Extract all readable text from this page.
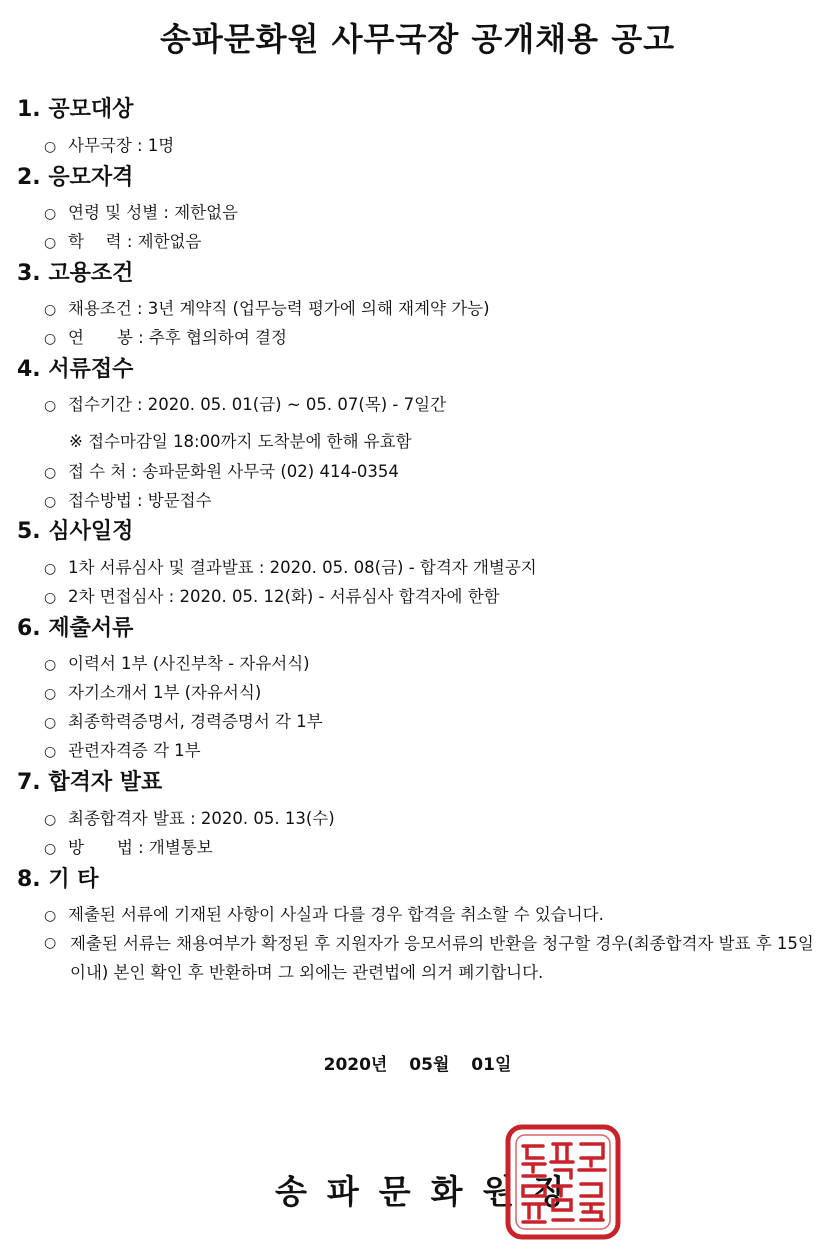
송파문화원 사무국장 공개채용 공고
1. 공모대상
○ 사무국장 : 1명
2. 응모자격
○ 연령 및 성별 : 제한없음
○ 학　 력 : 제한없음
3. 고용조건
○ 채용조건 : 3년 계약직 (업무능력 평가에 의해 재계약 가능)
○ 연　　봉 : 추후 협의하여 결정
4. 서류접수
○ 접수기간 : 2020. 05. 01(금) ~ 05. 07(목) - 7일간
※ 접수마감일 18:00까지 도착분에 한해 유효함
○ 접 수 처 : 송파문화원 사무국 (02) 414-0354
○ 접수방법 : 방문접수
5. 심사일정
○ 1차 서류심사 및 결과발표 : 2020. 05. 08(금) - 합격자 개별공지
○ 2차 면접심사 : 2020. 05. 12(화) - 서류심사 합격자에 한함
6. 제출서류
○ 이력서 1부 (사진부착 - 자유서식)
○ 자기소개서 1부 (자유서식)
○ 최종학력증명서, 경력증명서 각 1부
○ 관련자격증 각 1부
7. 합격자 발표
○ 최종합격자 발표 : 2020. 05. 13(수)
○ 방　　법 : 개별통보
8. 기 타
○ 제출된 서류에 기재된 사항이 사실과 다를 경우 합격을 취소할 수 있습니다.
○ 제출된 서류는 채용여부가 확정된 후 지원자가 응모서류의 반환을 청구할 경우(최종합격자 발표 후 15일 이내) 본인 확인 후 반환하며 그 외에는 관련법에 의거 폐기합니다.
2020년 05월 01일
송파문화원장
